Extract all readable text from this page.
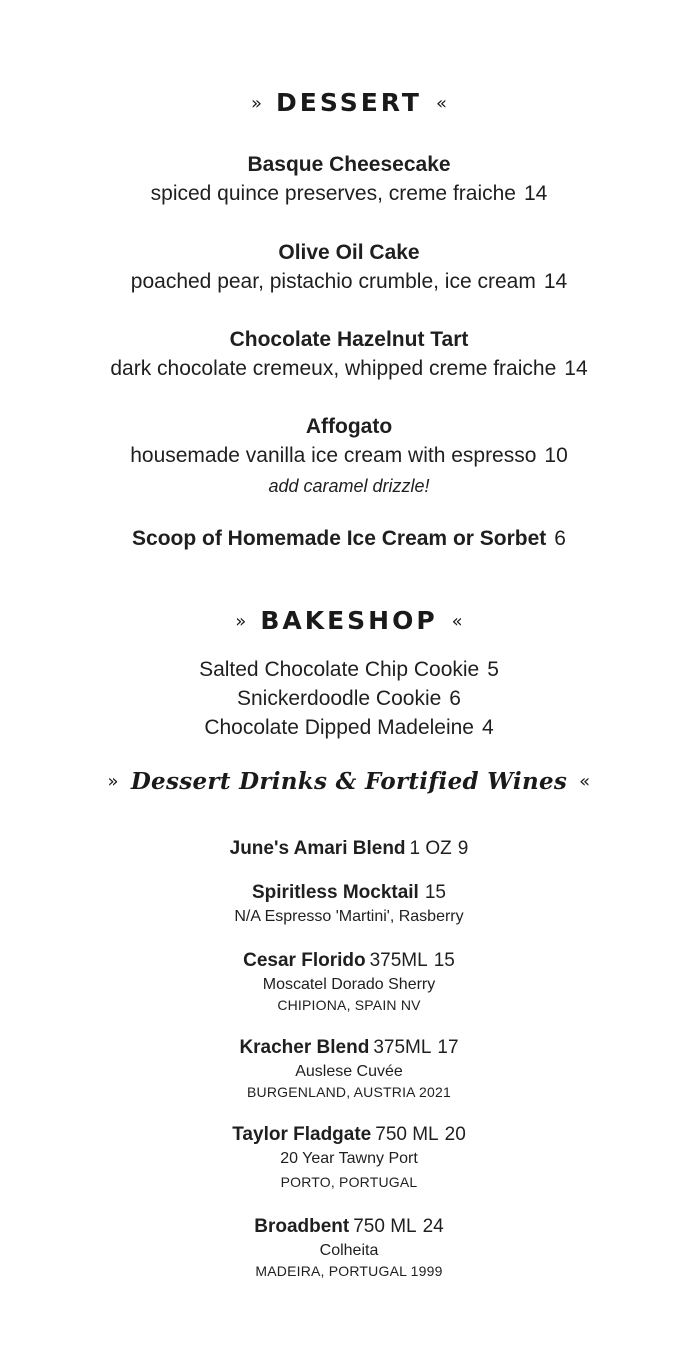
» DESSERT «
Basque Cheesecake
spiced quince preserves, creme fraiche 14
Olive Oil Cake
poached pear, pistachio crumble, ice cream 14
Chocolate Hazelnut Tart
dark chocolate cremeux, whipped creme fraiche 14
Affogato
housemade vanilla ice cream with espresso 10
add caramel drizzle!
Scoop of Homemade Ice Cream or Sorbet 6
» BAKESHOP «
Salted Chocolate Chip Cookie 5
Snickerdoodle Cookie 6
Chocolate Dipped Madeleine 4
» Dessert Drinks & Fortified Wines «
June's Amari Blend 1 OZ 9
Spiritless Mocktail 15
N/A Espresso 'Martini', Rasberry
Cesar Florido 375ML 15
Moscatel Dorado Sherry
CHIPIONA, SPAIN NV
Kracher Blend 375ML 17
Auslese Cuvée
BURGENLAND, AUSTRIA 2021
Taylor Fladgate 750 ML 20
20 Year Tawny Port
PORTO, PORTUGAL
Broadbent 750 ML 24
Colheita
MADEIRA, PORTUGAL 1999
